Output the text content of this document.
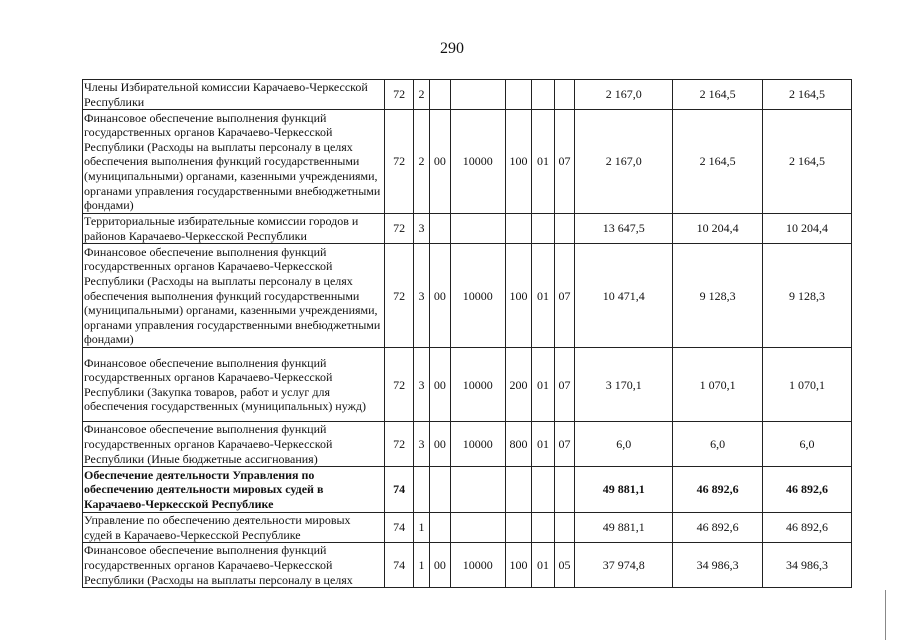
290
Члены Избирательной комиссии Карачаево-Черкесской Республики	72	2						2 167,0	2 164,5	2 164,5
Финансовое обеспечение выполнения функций государственных органов Карачаево-Черкесской Республики (Расходы на выплаты персоналу в целях обеспечения выполнения функций государственными (муниципальными) органами, казенными учреждениями, органами управления государственными внебюджетными фондами)	72	2	00	10000	100	01	07	2 167,0	2 164,5	2 164,5
Территориальные избирательные комиссии городов и районов Карачаево-Черкесской Республики	72	3						13 647,5	10 204,4	10 204,4
Финансовое обеспечение выполнения функций государственных органов Карачаево-Черкесской Республики (Расходы на выплаты персоналу в целях обеспечения выполнения функций государственными (муниципальными) органами, казенными учреждениями, органами управления государственными внебюджетными фондами)	72	3	00	10000	100	01	07	10 471,4	9 128,3	9 128,3
Финансовое обеспечение выполнения функций государственных органов Карачаево-Черкесской Республики (Закупка товаров, работ и услуг для обеспечения государственных (муниципальных) нужд)	72	3	00	10000	200	01	07	3 170,1	1 070,1	1 070,1
Финансовое обеспечение выполнения функций государственных органов Карачаево-Черкесской Республики (Иные бюджетные ассигнования)	72	3	00	10000	800	01	07	6,0	6,0	6,0
Обеспечение деятельности Управления по обеспечению деятельности мировых судей в Карачаево-Черкесской Республике	74							49 881,1	46 892,6	46 892,6
Управление по обеспечению деятельности мировых судей в Карачаево-Черкесской Республике	74	1						49 881,1	46 892,6	46 892,6
Финансовое обеспечение выполнения функций государственных органов Карачаево-Черкесской Республики (Расходы на выплаты персоналу в целях	74	1	00	10000	100	01	05	37 974,8	34 986,3	34 986,3
